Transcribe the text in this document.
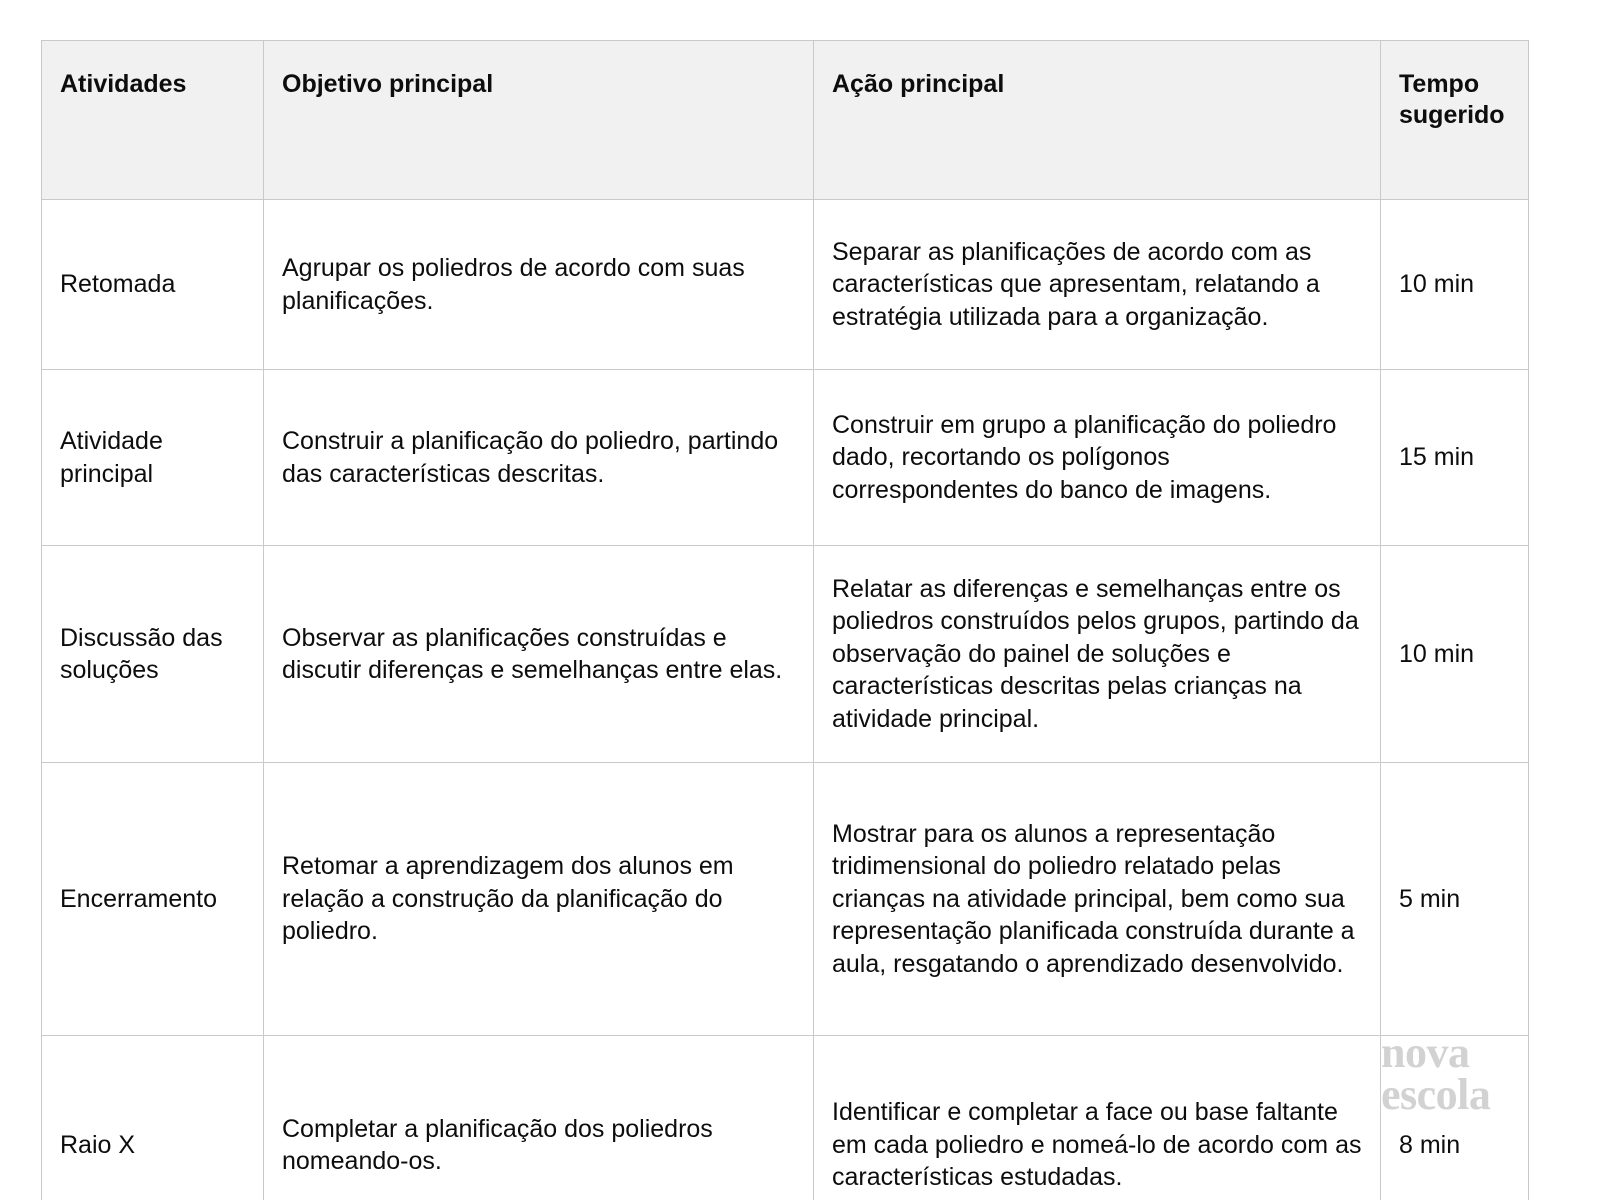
Atividades	Objetivo principal	Ação principal	Tempo
sugerido
Retomada	Agrupar os poliedros de acordo com suas planificações.	Separar as planificações de acordo com as características que apresentam, relatando a estratégia utilizada para a organização.	10 min
Atividade principal	Construir a planificação do poliedro, partindo das características descritas.	Construir em grupo a planificação do poliedro dado, recortando os polígonos correspondentes do banco de imagens.	15 min
Discussão das soluções	Observar as planificações construídas e discutir diferenças e semelhanças entre elas.	Relatar as diferenças e semelhanças entre os poliedros construídos pelos grupos, partindo da observação do painel de soluções e características descritas pelas crianças na atividade principal.	10 min
Encerramento	Retomar a aprendizagem dos alunos em relação a construção da planificação do poliedro.	Mostrar para os alunos a representação tridimensional do poliedro relatado pelas crianças na atividade principal, bem como sua representação planificada construída durante a aula, resgatando o aprendizado desenvolvido.	5 min
Raio X	Completar a planificação dos poliedros nomeando-os.	Identificar e completar a face ou base faltante em cada poliedro e nomeá-lo de acordo com as características estudadas.	8 min
nova
escola
